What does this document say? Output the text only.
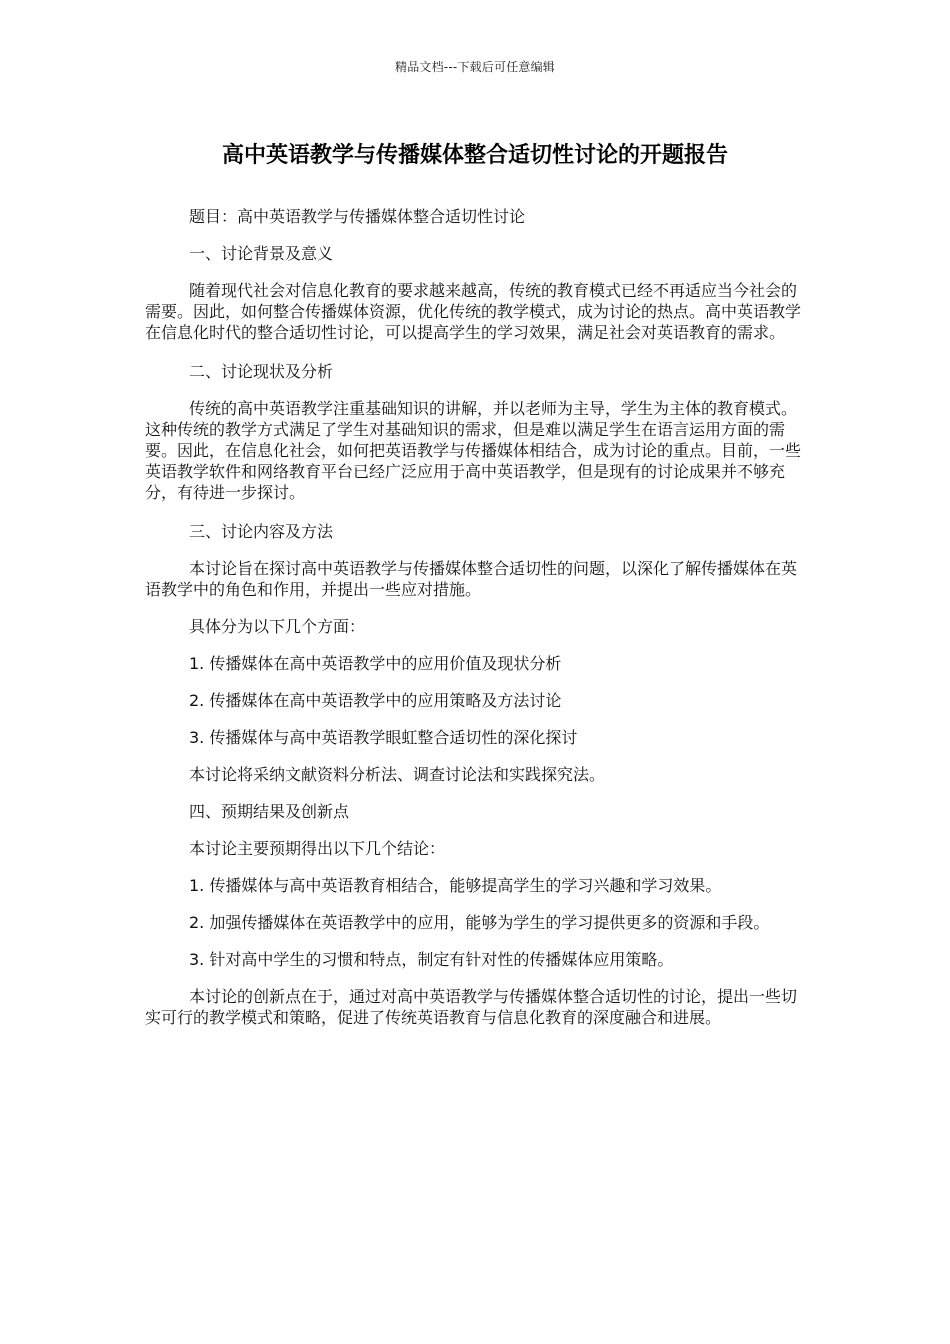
精品文档---下载后可任意编辑
高中英语教学与传播媒体整合适切性讨论的开题报告

题目：高中英语教学与传播媒体整合适切性讨论

一、讨论背景及意义

随着现代社会对信息化教育的要求越来越高，传统的教育模式已经不再适应当今社会的需要。因此，如何整合传播媒体资源，优化传统的教学模式，成为讨论的热点。高中英语教学在信息化时代的整合适切性讨论，可以提高学生的学习效果，满足社会对英语教育的需求。

二、讨论现状及分析

传统的高中英语教学注重基础知识的讲解，并以老师为主导，学生为主体的教育模式。这种传统的教学方式满足了学生对基础知识的需求，但是难以满足学生在语言运用方面的需要。因此，在信息化社会，如何把英语教学与传播媒体相结合，成为讨论的重点。目前，一些英语教学软件和网络教育平台已经广泛应用于高中英语教学，但是现有的讨论成果并不够充分，有待进一步探讨。

三、讨论内容及方法

本讨论旨在探讨高中英语教学与传播媒体整合适切性的问题，以深化了解传播媒体在英语教学中的角色和作用，并提出一些应对措施。

具体分为以下几个方面：

1. 传播媒体在高中英语教学中的应用价值及现状分析

2. 传播媒体在高中英语教学中的应用策略及方法讨论

3. 传播媒体与高中英语教学眼虹整合适切性的深化探讨

本讨论将采纳文献资料分析法、调查讨论法和实践探究法。

四、预期结果及创新点

本讨论主要预期得出以下几个结论：

1. 传播媒体与高中英语教育相结合，能够提高学生的学习兴趣和学习效果。

2. 加强传播媒体在英语教学中的应用，能够为学生的学习提供更多的资源和手段。

3. 针对高中学生的习惯和特点，制定有针对性的传播媒体应用策略。

本讨论的创新点在于，通过对高中英语教学与传播媒体整合适切性的讨论，提出一些切实可行的教学模式和策略，促进了传统英语教育与信息化教育的深度融合和进展。
